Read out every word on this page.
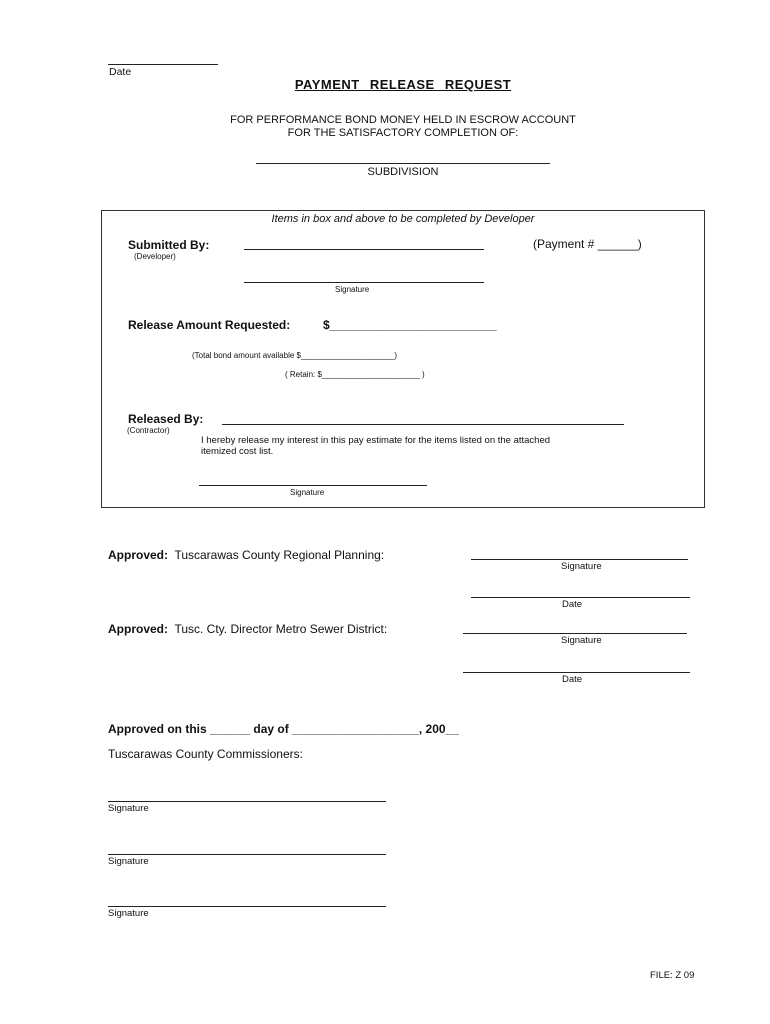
Date
PAYMENT RELEASE REQUEST
FOR PERFORMANCE BOND MONEY HELD IN ESCROW ACCOUNT
FOR THE SATISFACTORY COMPLETION OF:
SUBDIVISION
Items in box and above to be completed by Developer
Submitted By:	(Payment # ______)
(Developer)
Signature
Release Amount Requested:	$_________________________
(Total bond amount available $_____________________)
( Retain: $______________________ )
Released By:
(Contractor)
I hereby release my interest in this pay estimate for the items listed on the attached
itemized cost list.
Signature
Approved: Tuscarawas County Regional Planning:
Signature
Date
Approved: Tusc. Cty. Director Metro Sewer District:
Signature
Date
Approved on this ______ day of ___________________, 200__
Tuscarawas County Commissioners:
Signature
Signature
Signature
FILE: Z 09
